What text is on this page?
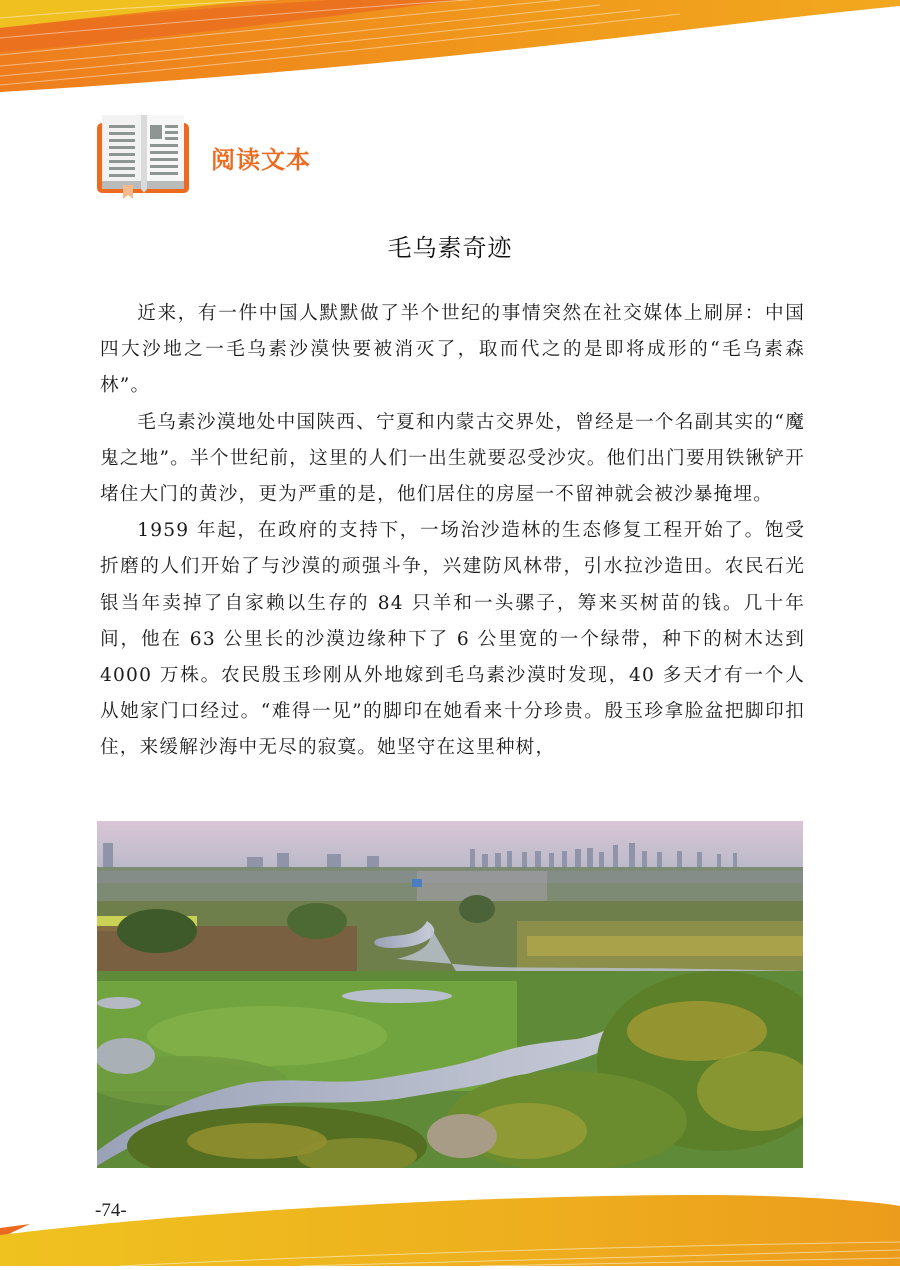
阅读文本
毛乌素奇迹

近来，有一件中国人默默做了半个世纪的事情突然在社交媒体上刷屏：中国四大沙地之一毛乌素沙漠快要被消灭了，取而代之的是即将成形的“毛乌素森林”。

毛乌素沙漠地处中国陕西、宁夏和内蒙古交界处，曾经是一个名副其实的“魔鬼之地”。半个世纪前，这里的人们一出生就要忍受沙灾。他们出门要用铁锹铲开堵住大门的黄沙，更为严重的是，他们居住的房屋一不留神就会被沙暴掩埋。

1959 年起，在政府的支持下，一场治沙造林的生态修复工程开始了。饱受折磨的人们开始了与沙漠的顽强斗争，兴建防风林带，引水拉沙造田。农民石光银当年卖掉了自家赖以生存的 84 只羊和一头骡子，筹来买树苗的钱。几十年间，他在 63 公里长的沙漠边缘种下了 6 公里宽的一个绿带，种下的树木达到 4000 万株。农民殷玉珍刚从外地嫁到毛乌素沙漠时发现，40 多天才有一个人从她家门口经过。“难得一见”的脚印在她看来十分珍贵。殷玉珍拿脸盆把脚印扣住，来缓解沙海中无尽的寂寞。她坚守在这里种树，

-74-
